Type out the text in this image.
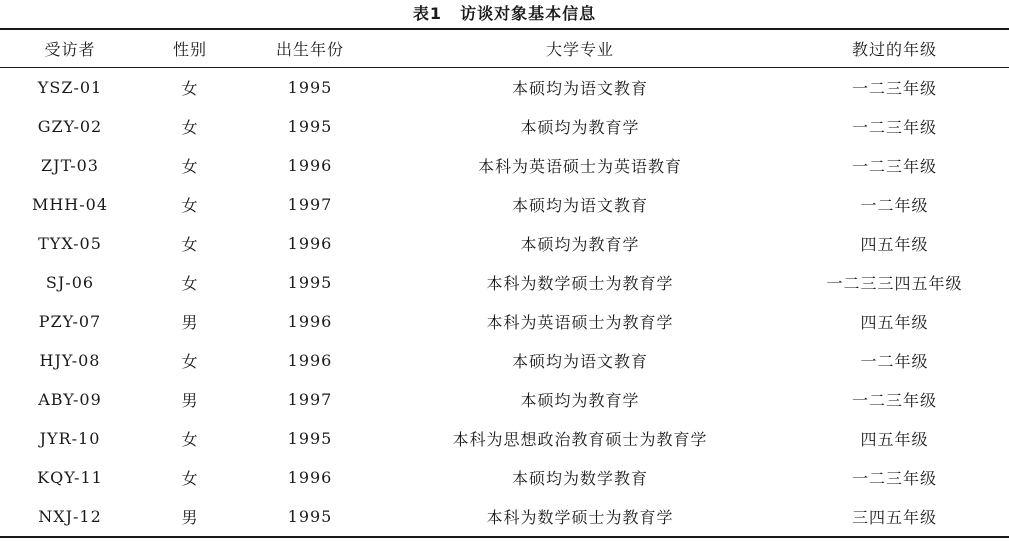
表1 访谈对象基本信息
受访者	性别	出生年份	大学专业	教过的年级
YSZ-01	女	1995	本硕均为语文教育	一二三年级
GZY-02	女	1995	本硕均为教育学	一二三年级
ZJT-03	女	1996	本科为英语硕士为英语教育	一二三年级
MHH-04	女	1997	本硕均为语文教育	一二年级
TYX-05	女	1996	本硕均为教育学	四五年级
SJ-06	女	1995	本科为数学硕士为教育学	一二三三四五年级
PZY-07	男	1996	本科为英语硕士为教育学	四五年级
HJY-08	女	1996	本硕均为语文教育	一二年级
ABY-09	男	1997	本硕均为教育学	一二三年级
JYR-10	女	1995	本科为思想政治教育硕士为教育学	四五年级
KQY-11	女	1996	本硕均为数学教育	一二三年级
NXJ-12	男	1995	本科为数学硕士为教育学	三四五年级
